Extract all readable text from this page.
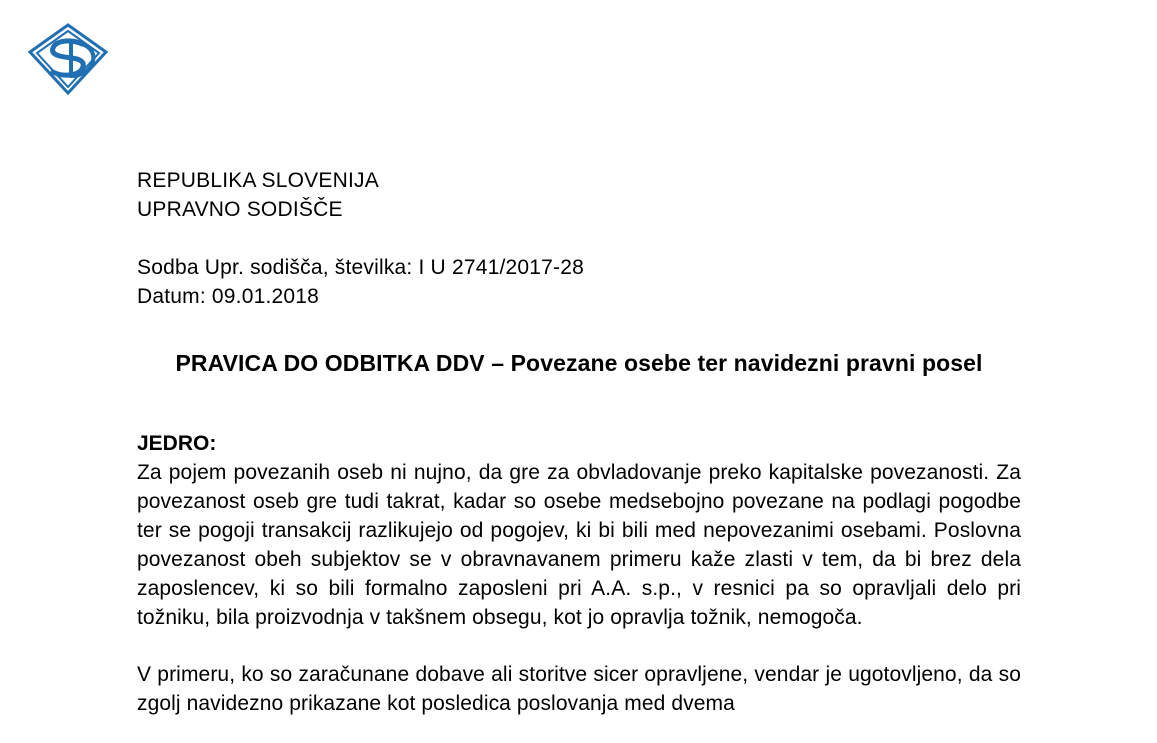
REPUBLIKA SLOVENIJA
UPRAVNO SODIŠČE
Sodba Upr. sodišča, številka: I U 2741/2017-28
Datum: 09.01.2018
PRAVICA DO ODBITKA DDV – Povezane osebe ter navidezni pravni posel
JEDRO:
Za pojem povezanih oseb ni nujno, da gre za obvladovanje preko kapitalske povezanosti. Za povezanost oseb gre tudi takrat, kadar so osebe medsebojno povezane na podlagi pogodbe ter se pogoji transakcij razlikujejo od pogojev, ki bi bili med nepovezanimi osebami. Poslovna povezanost obeh subjektov se v obravnavanem primeru kaže zlasti v tem, da bi brez dela zaposlencev, ki so bili formalno zaposleni pri A.A. s.p., v resnici pa so opravljali delo pri tožniku, bila proizvodnja v takšnem obsegu, kot jo opravlja tožnik, nemogoča.
V primeru, ko so zaračunane dobave ali storitve sicer opravljene, vendar je ugotovljeno, da so zgolj navidezno prikazane kot posledica poslovanja med dvema
